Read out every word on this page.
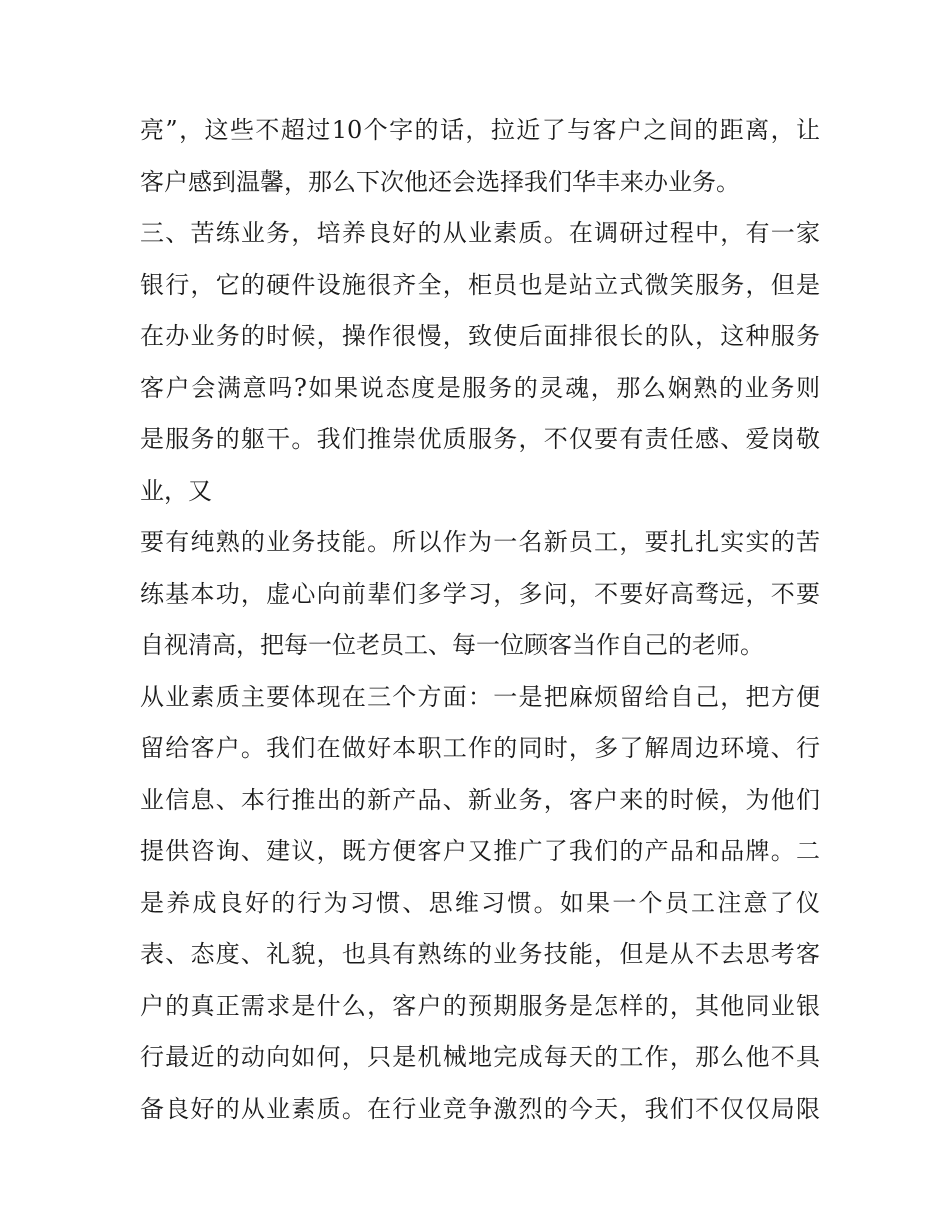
亮”，这些不超过10个字的话，拉近了与客户之间的距离，让
客户感到温馨，那么下次他还会选择我们华丰来办业务。
三、苦练业务，培养良好的从业素质。在调研过程中，有一家
银行，它的硬件设施很齐全，柜员也是站立式微笑服务，但是
在办业务的时候，操作很慢，致使后面排很长的队，这种服务
客户会满意吗?如果说态度是服务的灵魂，那么娴熟的业务则
是服务的躯干。我们推崇优质服务，不仅要有责任感、爱岗敬
业，又
要有纯熟的业务技能。所以作为一名新员工，要扎扎实实的苦
练基本功，虚心向前辈们多学习，多问，不要好高骛远，不要
自视清高，把每一位老员工、每一位顾客当作自己的老师。
从业素质主要体现在三个方面：一是把麻烦留给自己，把方便
留给客户。我们在做好本职工作的同时，多了解周边环境、行
业信息、本行推出的新产品、新业务，客户来的时候，为他们
提供咨询、建议，既方便客户又推广了我们的产品和品牌。二
是养成良好的行为习惯、思维习惯。如果一个员工注意了仪
表、态度、礼貌，也具有熟练的业务技能，但是从不去思考客
户的真正需求是什么，客户的预期服务是怎样的，其他同业银
行最近的动向如何，只是机械地完成每天的工作，那么他不具
备良好的从业素质。在行业竞争激烈的今天，我们不仅仅局限
